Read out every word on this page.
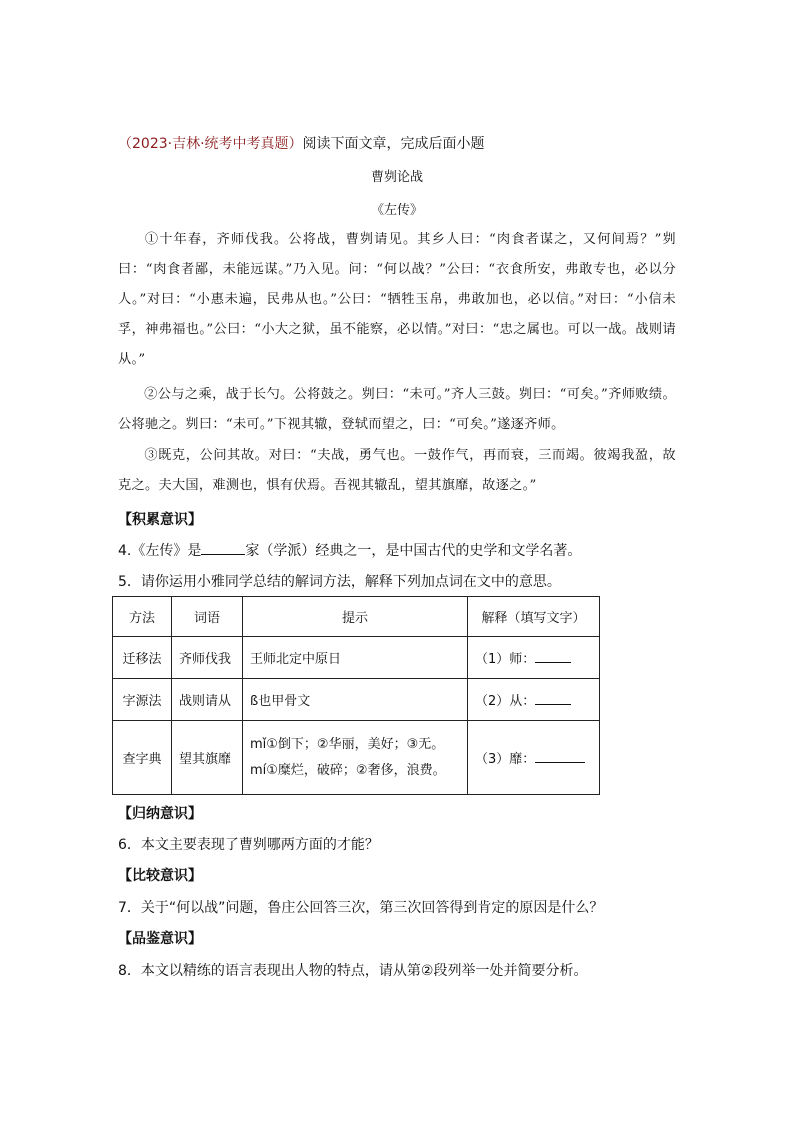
（2023·吉林·统考中考真题）阅读下面文章，完成后面小题
曹刿论战
《左传》
①十年春，齐师伐我。公将战，曹刿请见。其乡人曰：“肉食者谋之，又何间焉？”刿曰：“肉食者鄙，未能远谋。”乃入见。问：“何以战？”公曰：“衣食所安，弗敢专也，必以分人。”对曰：“小惠未遍，民弗从也。”公曰：“牺牲玉帛，弗敢加也，必以信。”对曰：“小信未孚，神弗福也。”公曰：“小大之狱，虽不能察，必以情。”对曰：“忠之属也。可以一战。战则请从。”
②公与之乘，战于长勺。公将鼓之。刿曰：“未可。”齐人三鼓。刿曰：“可矣。”齐师败绩。公将驰之。刿曰：“未可。”下视其辙，登轼而望之，曰：“可矣。”遂逐齐师。
③既克，公问其故。对曰：“夫战，勇气也。一鼓作气，再而衰，三而竭。彼竭我盈，故克之。夫大国，难测也，惧有伏焉。吾视其辙乱，望其旗靡，故逐之。”
【积累意识】
4.《左传》是	家（学派）经典之一，是中国古代的史学和文学名著。
5．请你运用小雅同学总结的解词方法，解释下列加点词在文中的意思。
方法	词语	提示	解释（填写文字）
迁移法	齐师伐我	王师北定中原日	（1）师：
字源法	战则请从	ß也甲骨文	（2）从：
查字典	望其旗靡	mǐ①倒下；②华丽，美好；③无。
mí①糜烂，破碎；②奢侈，浪费。	（3）靡：
【归纳意识】
6．本文主要表现了曹刿哪两方面的才能？
【比较意识】
7．关于“何以战”问题，鲁庄公回答三次，第三次回答得到肯定的原因是什么？
【品鉴意识】
8．本文以精练的语言表现出人物的特点，请从第②段列举一处并简要分析。
